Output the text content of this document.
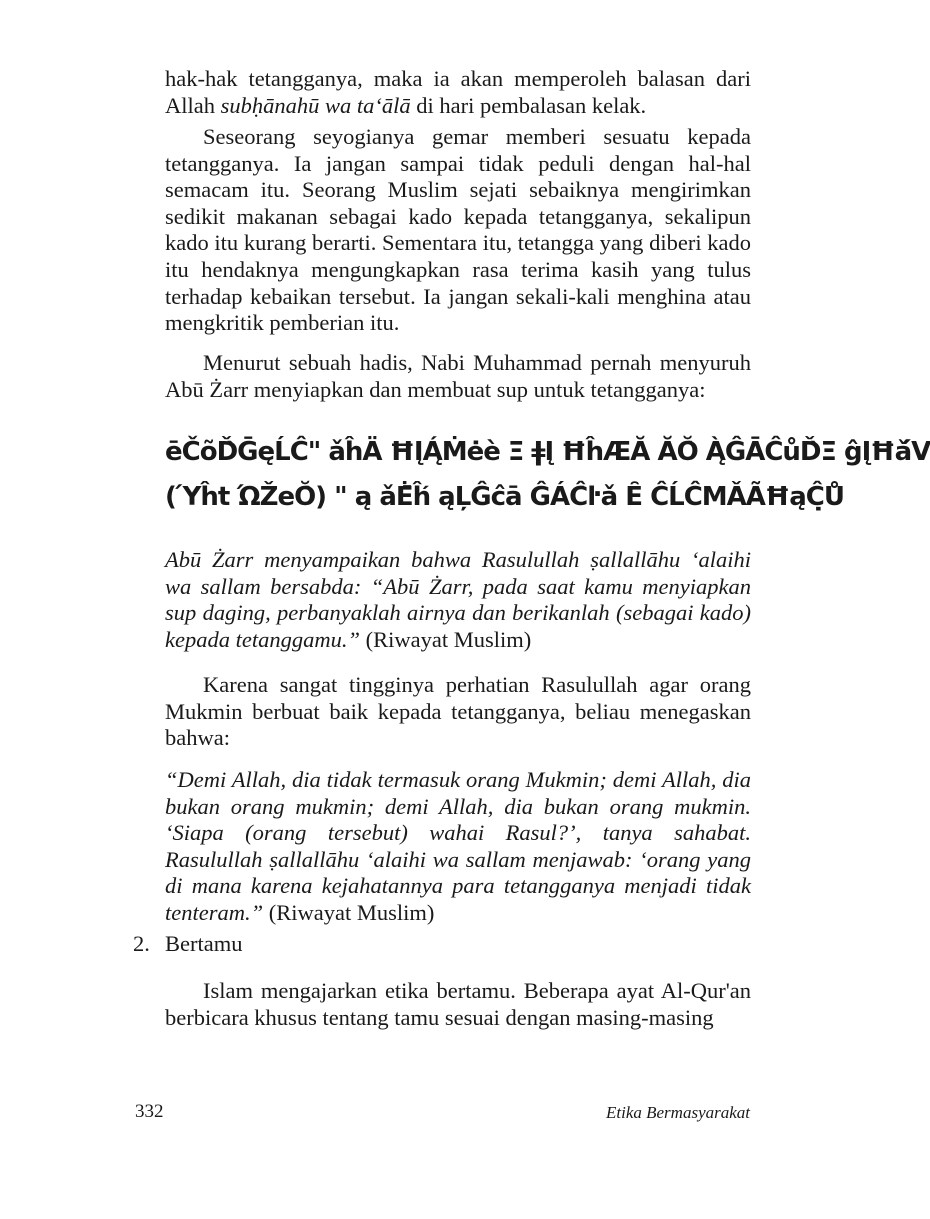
hak-hak tetangganya, maka ia akan memperoleh balasan dari Allah subḥānahū wa ta‘ālā di hari pembalasan kelak.

Seseorang seyogianya gemar memberi sesuatu kepada tetangganya. Ia jangan sampai tidak peduli dengan hal-hal semacam itu. Seorang Muslim sejati sebaiknya mengirimkan sedikit makanan sebagai kado kepada tetangganya, sekalipun kado itu kurang berarti. Sementara itu, tetangga yang diberi kado itu hendaknya mengungkapkan rasa terima kasih yang tulus terhadap kebaikan tersebut. Ia jangan sekali-kali menghina atau mengkritik pemberian itu.

Menurut sebuah hadis, Nabi Muhammad pernah menyuruh Abū Żarr menyiapkan dan membuat sup untuk tetangganya:

ēČõĎ̀ḠęĹĈ" ǎĥÄ ĦĮĄ́Ṁėè Ξ ǂĮ ĦĥÆĂ ĂŎ̀ Ą̀ĜĀĈůĎ̀Ξ ĝĮĦǎ́V
(Ύĥt ΏŽeŎ̀) " ą ǎĖ̄ĥ́ ąĻĜĉā ĜÁĈ̂ŀǎ Ȇ ĈĹĈMǍÃĦąĈ̣Ů

Abū Żarr menyampaikan bahwa Rasulullah ṣallallāhu ‘alaihi wa sallam bersabda: “Abū Żarr, pada saat kamu menyiapkan sup daging, perbanyaklah airnya dan berikanlah (sebagai kado) kepada tetanggamu.” (Riwayat Muslim)

Karena sangat tingginya perhatian Rasulullah agar orang Mukmin berbuat baik kepada tetangganya, beliau menegaskan bahwa:

“Demi Allah, dia tidak termasuk orang Mukmin; demi Allah, dia bukan orang mukmin; demi Allah, dia bukan orang mukmin. ‘Siapa (orang tersebut) wahai Rasul?’, tanya sahabat. Rasulullah ṣallallāhu ‘alaihi wa sallam menjawab: ‘orang yang di mana karena kejahatannya para tetangganya menjadi tidak tenteram.” (Riwayat Muslim)

2. Bertamu

Islam mengajarkan etika bertamu. Beberapa ayat Al-Qur'an berbicara khusus tentang tamu sesuai dengan masing-masing

332	Etika Bermasyarakat
